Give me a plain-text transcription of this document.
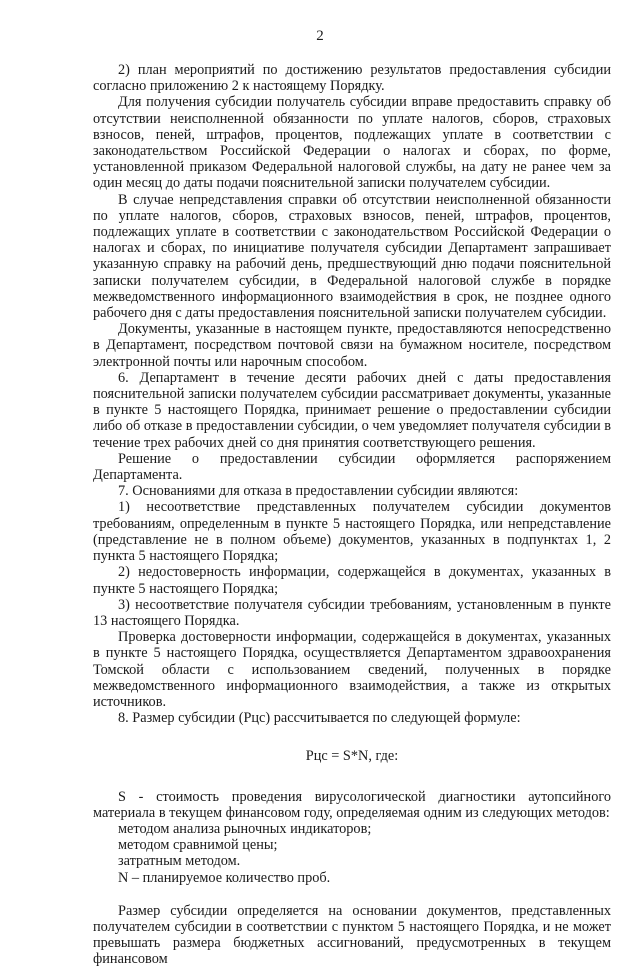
2

2) план мероприятий по достижению результатов предоставления субсидии согласно приложению 2 к настоящему Порядку.

Для получения субсидии получатель субсидии вправе предоставить справку об отсутствии неисполненной обязанности по уплате налогов, сборов, страховых взносов, пеней, штрафов, процентов, подлежащих уплате в соответствии с законодательством Российской Федерации о налогах и сборах, по форме, установленной приказом Федеральной налоговой службы, на дату не ранее чем за один месяц до даты подачи пояснительной записки получателем субсидии.

В случае непредставления справки об отсутствии неисполненной обязанности по уплате налогов, сборов, страховых взносов, пеней, штрафов, процентов, подлежащих уплате в соответствии с законодательством Российской Федерации о налогах и сборах, по инициативе получателя субсидии Департамент запрашивает указанную справку на рабочий день, предшествующий дню подачи пояснительной записки получателем субсидии, в Федеральной налоговой службе в порядке межведомственного информационного взаимодействия в срок, не позднее одного рабочего дня с даты предоставления пояснительной записки получателем субсидии.

Документы, указанные в настоящем пункте, предоставляются непосредственно в Департамент, посредством почтовой связи на бумажном носителе, посредством электронной почты или нарочным способом.

6. Департамент в течение десяти рабочих дней с даты предоставления пояснительной записки получателем субсидии рассматривает документы, указанные в пункте 5 настоящего Порядка, принимает решение о предоставлении субсидии либо об отказе в предоставлении субсидии, о чем уведомляет получателя субсидии в течение трех рабочих дней со дня принятия соответствующего решения.

Решение о предоставлении субсидии оформляется распоряжением Департамента.

7. Основаниями для отказа в предоставлении субсидии являются:

1) несоответствие представленных получателем субсидии документов требованиям, определенным в пункте 5 настоящего Порядка, или непредставление (представление не в полном объеме) документов, указанных в подпунктах 1, 2 пункта 5 настоящего Порядка;

2) недостоверность информации, содержащейся в документах, указанных в пункте 5 настоящего Порядка;

3) несоответствие получателя субсидии требованиям, установленным в пункте 13 настоящего Порядка.

Проверка достоверности информации, содержащейся в документах, указанных в пункте 5 настоящего Порядка, осуществляется Департаментом здравоохранения Томской области с использованием сведений, полученных в порядке межведомственного информационного взаимодействия, а также из открытых источников.

8. Размер субсидии (Рцс) рассчитывается по следующей формуле:

Рцс = S*N, где:

S - стоимость проведения вирусологической диагностики аутопсийного материала в текущем финансовом году, определяемая одним из следующих методов:

методом анализа рыночных индикаторов;

методом сравнимой цены;

затратным методом.

N – планируемое количество проб.

Размер субсидии определяется на основании документов, представленных получателем субсидии в соответствии с пунктом 5 настоящего Порядка, и не может превышать размера бюджетных ассигнований, предусмотренных в текущем финансовом
